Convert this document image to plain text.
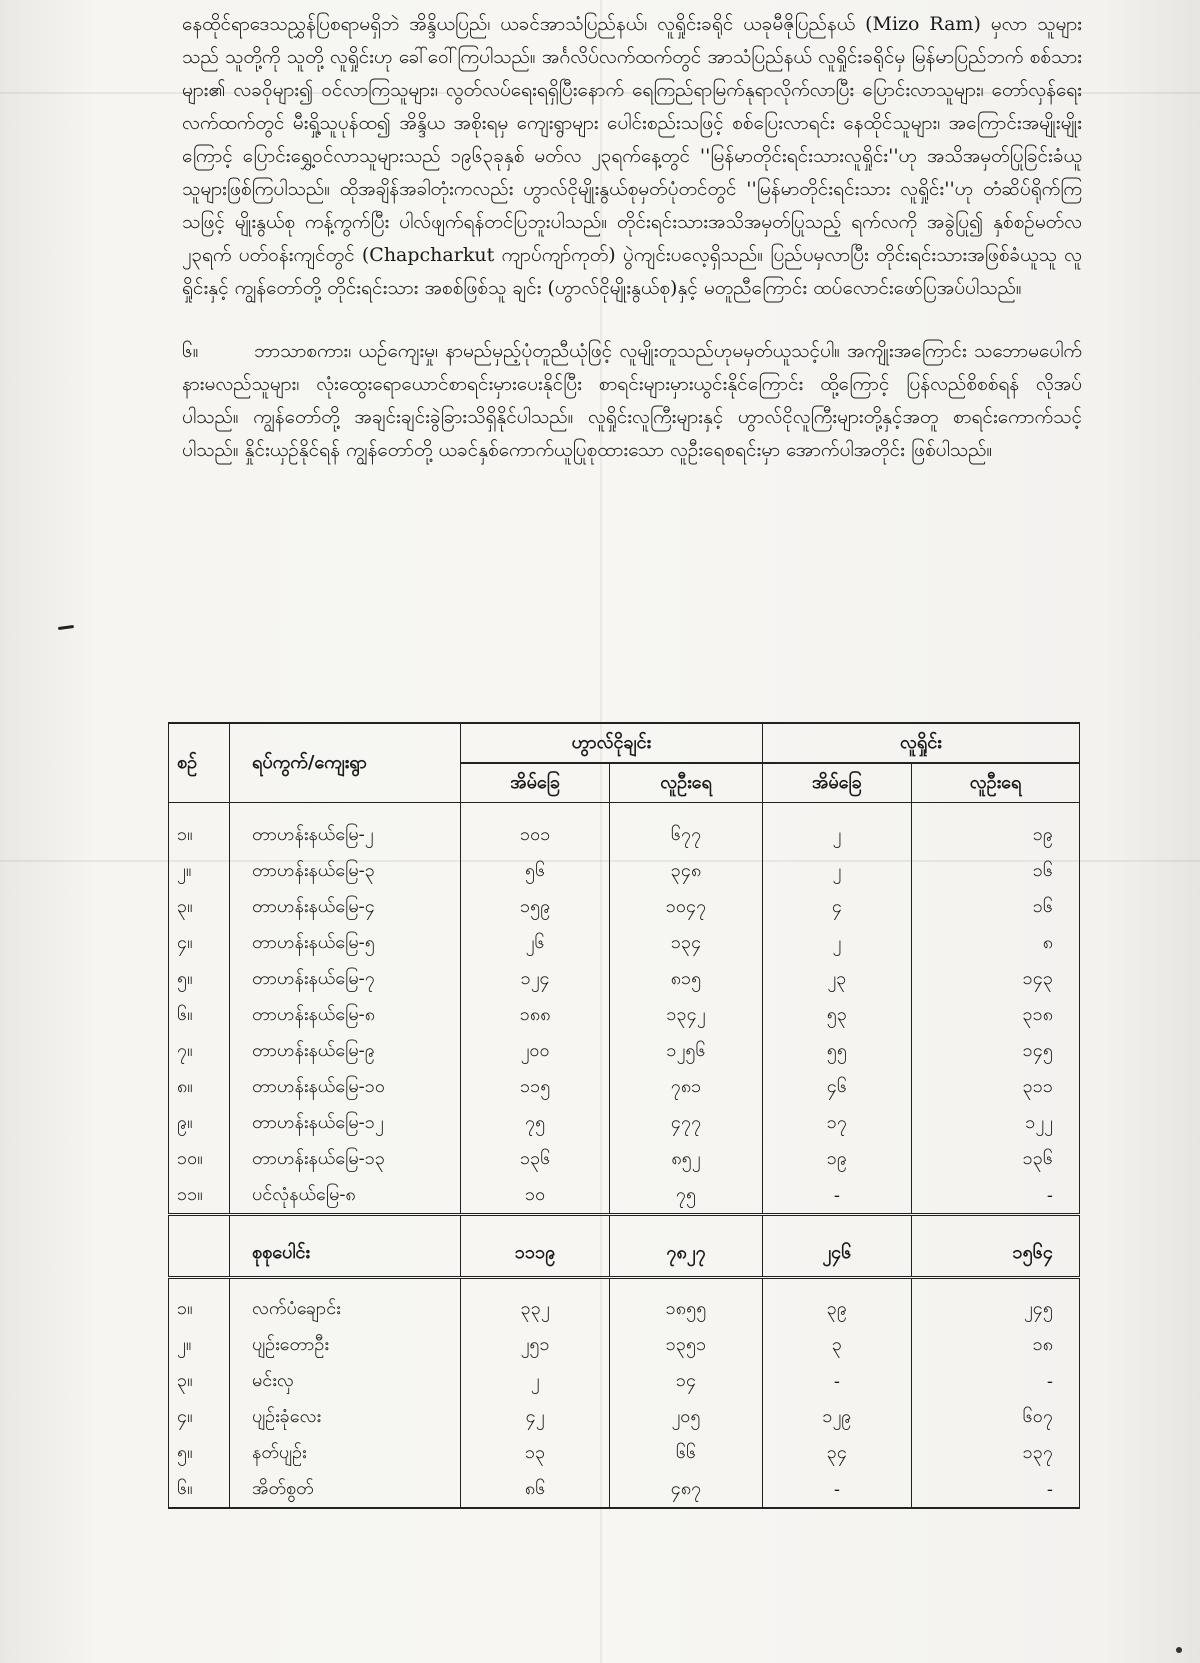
နေထိုင်ရာဒေသညွှန်ပြစရာမရှိဘဲ အိန္ဒိယပြည်၊ ယခင်အာသံပြည်နယ်၊ လူရှိုင်းခရိုင် ယခုမီဇိုပြည်နယ် (Mizo Ram) မှလာ သူများသည် သူတို့ကို သူတို့ လူရှိုင်းဟု ခေါ်ဝေါ်ကြပါသည်။ အင်္ဂလိပ်လက်ထက်တွင် အာသံပြည်နယ် လူရှိုင်းခရိုင်မှ မြန်မာပြည်ဘက် စစ်သားများ၏ လခဝိုများ၍ ဝင်လာကြသူများ၊ လွတ်လပ်ရေးရရှိပြီးနောက် ရေကြည်ရာမြက်နုရာလိုက်လာပြီး ပြောင်းလာသူများ၊ တော်လှန်ရေးလက်ထက်တွင် မီးရှို့သူပုန်ထ၍ အိန္ဒိယ အစိုးရမှ ကျေးရွာများ ပေါင်းစည်းသဖြင့် စစ်ပြေးလာရင်း နေထိုင်သူများ၊ အကြောင်းအမျိုးမျိုးကြောင့် ပြောင်းရွှေ့ဝင်လာသူများသည် ၁၉၆၃ခုနှစ် မတ်လ ၂၃ရက်နေ့တွင် ''မြန်မာတိုင်းရင်းသားလူရှိုင်း''ဟု အသိအမှတ်ပြုခြင်းခံယူသူများဖြစ်ကြပါသည်။ ထိုအချိန်အခါတုံးကလည်း ဟွာလ်ငိုမျိုးနွယ်စုမှတ်ပုံတင်တွင် ''မြန်မာတိုင်းရင်းသား လူရှိုင်း''ဟု တံဆိပ်ရိုက်ကြသဖြင့် မျိုးနွယ်စု ကန့်ကွက်ပြီး ပါလ်ဖျက်ရန်တင်ပြဘူးပါသည်။ တိုင်းရင်းသားအသိအမှတ်ပြုသည့် ရက်လကို အခွဲပြု၍ နှစ်စဉ်မတ်လ ၂၃ရက် ပတ်ဝန်းကျင်တွင် (Chapcharkut ကျာပ်ကျာ်ကုတ်) ပွဲကျင်းပလေ့ရှိသည်။ ပြည်ပမှလာပြီး တိုင်းရင်းသားအဖြစ်ခံယူသူ လူရှိုင်းနှင့် ကျွန်တော်တို့ တိုင်းရင်းသား အစစ်ဖြစ်သူ ချင်း (ဟွာလ်ငိုမျိုးနွယ်စု)နှင့် မတူညီကြောင်း ထပ်လောင်းဖော်ပြအပ်ပါသည်။

၆။	ဘာသာစကား၊ ယဉ်ကျေးမှု၊ နာမည်မှည့်ပုံတူညီယုံဖြင့် လူမျိုးတူသည်ဟုမမှတ်ယူသင့်ပါ။ အကျိုးအကြောင်း သဘောမပေါက် နားမလည်သူများ၊ လုံးထွေးရောယောင်စာရင်းမှားပေးနိုင်ပြီး စာရင်းများမှားယွင်းနိုင်ကြောင်း ထို့ကြောင့် ပြန်လည်စိစစ်ရန် လိုအပ်ပါသည်။ ကျွန်တော်တို့ အချင်းချင်းခွဲခြားသိရှိနိုင်ပါသည်။ လူရှိုင်းလူကြီးများနှင့် ဟွာလ်ငိုလူကြီးများတို့နှင့်အတူ စာရင်းကောက်သင့်ပါသည်။ နှိုင်းယှဉ်နိုင်ရန် ကျွန်တော်တို့ ယခင်နှစ်ကောက်ယူပြုစုထားသော လူဦးရေစရင်းမှာ အောက်ပါအတိုင်း ဖြစ်ပါသည်။

စဉ်	ရပ်ကွက်/ကျေးရွာ	ဟွာလ်ငိုချင်း		လူရှိုင်း	
		အိမ်ခြေ	လူဦးရေ	အိမ်ခြေ	လူဦးရေ
၁။	တာဟန်းနယ်မြေ-၂	၁၀၁	၆၇၇	၂	၁၉
၂။	တာဟန်းနယ်မြေ-၃	၅၆	၃၄၈	၂	၁၆
၃။	တာဟန်းနယ်မြေ-၄	၁၅၉	၁၀၄၇	၄	၁၆
၄။	တာဟန်းနယ်မြေ-၅	၂၆	၁၃၄	၂	၈
၅။	တာဟန်းနယ်မြေ-၇	၁၂၄	၈၁၅	၂၃	၁၄၃
၆။	တာဟန်းနယ်မြေ-၈	၁၈၈	၁၃၄၂	၅၃	၃၁၈
၇။	တာဟန်းနယ်မြေ-၉	၂၀၀	၁၂၅၆	၅၅	၁၄၅
၈။	တာဟန်းနယ်မြေ-၁၀	၁၁၅	၇၈၁	၄၆	၃၁၁
၉။	တာဟန်းနယ်မြေ-၁၂	၇၅	၄၇၇	၁၇	၁၂၂
၁၀။	တာဟန်းနယ်မြေ-၁၃	၁၃၆	၈၅၂	၁၉	၁၃၆
၁၁။	ပင်လုံနယ်မြေ-၈	၁၀	၇၅	-	-
	စုစုပေါင်း	၁၁၁၉	၇၈၂၇	၂၄၆	၁၅၆၄
၁။	လက်ပံချောင်း	၃၃၂	၁၈၅၅	၃၉	၂၄၅
၂။	ပျဉ်းတောဦး	၂၅၁	၁၃၅၁	၃	၁၈
၃။	မင်းလှ	၂	၁၄	-	-
၄။	ပျဉ်းခုံလေး	၄၂	၂၀၅	၁၂၉	၆၀၇
၅။	နတ်ပျဉ်း	၁၃	၆၆	၃၄	၁၃၇
၆။	အိတ်စွတ်	၈၆	၄၈၇	-	-
